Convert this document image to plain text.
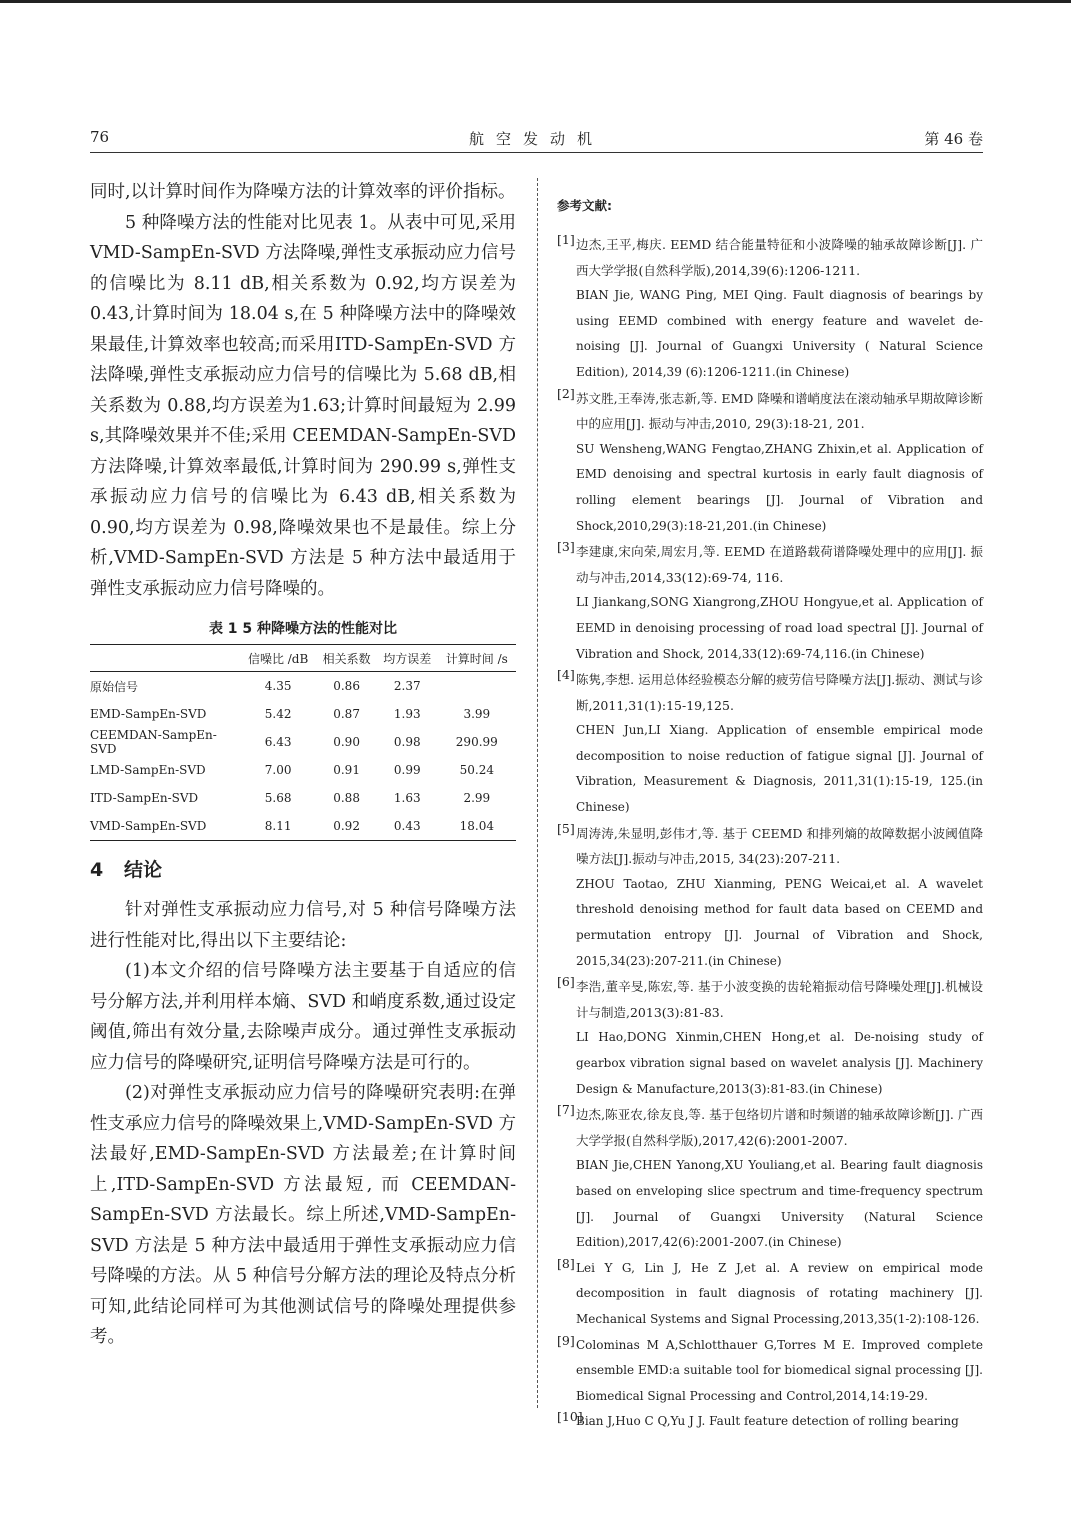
76	航空发动机	第 46 卷

同时,以计算时间作为降噪方法的计算效率的评价指标。

5 种降噪方法的性能对比见表 1。从表中可见,采用VMD-SampEn-SVD 方法降噪,弹性支承振动应力信号的信噪比为 8.11 dB,相关系数为 0.92,均方误差为 0.43,计算时间为 18.04 s,在 5 种降噪方法中的降噪效果最佳,计算效率也较高;而采用ITD-SampEn-SVD 方法降噪,弹性支承振动应力信号的信噪比为 5.68 dB,相关系数为 0.88,均方误差为1.63;计算时间最短为 2.99 s,其降噪效果并不佳;采用 CEEMDAN-SampEn-SVD 方法降噪,计算效率最低,计算时间为 290.99 s,弹性支承振动应力信号的信噪比为 6.43 dB,相关系数为 0.90,均方误差为 0.98,降噪效果也不是最佳。综上分析,VMD-SampEn-SVD 方法是 5 种方法中最适用于弹性支承振动应力信号降噪的。

表 1 5 种降噪方法的性能对比
	信噪比 /dB	相关系数	均方误差	计算时间 /s
原始信号	4.35	0.86	2.37	
EMD-SampEn-SVD	5.42	0.87	1.93	3.99
CEEMDAN-SampEn-SVD	6.43	0.90	0.98	290.99
LMD-SampEn-SVD	7.00	0.91	0.99	50.24
ITD-SampEn-SVD	5.68	0.88	1.63	2.99
VMD-SampEn-SVD	8.11	0.92	0.43	18.04
4 结论

针对弹性支承振动应力信号,对 5 种信号降噪方法进行性能对比,得出以下主要结论:

(1)本文介绍的信号降噪方法主要基于自适应的信号分解方法,并利用样本熵、SVD 和峭度系数,通过设定阈值,筛出有效分量,去除噪声成分。通过弹性支承振动应力信号的降噪研究,证明信号降噪方法是可行的。

(2)对弹性支承振动应力信号的降噪研究表明:在弹性支承应力信号的降噪效果上,VMD-SampEn-SVD 方法最好,EMD-SampEn-SVD 方法最差;在计算时间上,ITD-SampEn-SVD 方法最短, 而 CEEMDAN-SampEn-SVD 方法最长。综上所述,VMD-SampEn-SVD 方法是 5 种方法中最适用于弹性支承振动应力信号降噪的方法。从 5 种信号分解方法的理论及特点分析可知,此结论同样可为其他测试信号的降噪处理提供参考。

参考文献:
[1] 边杰,王平,梅庆. EEMD 结合能量特征和小波降噪的轴承故障诊断[J]. 广西大学学报(自然科学版),2014,39(6):1206-1211.
BIAN Jie, WANG Ping, MEI Qing. Fault diagnosis of bearings by using EEMD combined with energy feature and wavelet de-noising [J]. Journal of Guangxi University ( Natural Science Edition), 2014,39 (6):1206-1211.(in Chinese)
[2] 苏文胜,王奉涛,张志新,等. EMD 降噪和谱峭度法在滚动轴承早期故障诊断中的应用[J]. 振动与冲击,2010, 29(3):18-21, 201.
SU Wensheng,WANG Fengtao,ZHANG Zhixin,et al. Application of EMD denoising and spectral kurtosis in early fault diagnosis of rolling element bearings [J]. Journal of Vibration and Shock,2010,29(3):18-21,201.(in Chinese)
[3] 李建康,宋向荣,周宏月,等. EEMD 在道路载荷谱降噪处理中的应用[J]. 振动与冲击,2014,33(12):69-74, 116.
LI Jiankang,SONG Xiangrong,ZHOU Hongyue,et al. Application of EEMD in denoising processing of road load spectral [J]. Journal of Vibration and Shock, 2014,33(12):69-74,116.(in Chinese)
[4] 陈隽,李想. 运用总体经验模态分解的疲劳信号降噪方法[J].振动、测试与诊断,2011,31(1):15-19,125.
CHEN Jun,LI Xiang. Application of ensemble empirical mode decomposition to noise reduction of fatigue signal [J]. Journal of Vibration, Measurement & Diagnosis, 2011,31(1):15-19, 125.(in Chinese)
[5] 周涛涛,朱显明,彭伟才,等. 基于 CEEMD 和排列熵的故障数据小波阈值降噪方法[J].振动与冲击,2015, 34(23):207-211.
ZHOU Taotao, ZHU Xianming, PENG Weicai,et al. A wavelet threshold denoising method for fault data based on CEEMD and permutation entropy [J]. Journal of Vibration and Shock, 2015,34(23):207-211.(in Chinese)
[6] 李浩,董辛旻,陈宏,等. 基于小波变换的齿轮箱振动信号降噪处理[J].机械设计与制造,2013(3):81-83.
LI Hao,DONG Xinmin,CHEN Hong,et al. De-noising study of gearbox vibration signal based on wavelet analysis [J]. Machinery Design & Manufacture,2013(3):81-83.(in Chinese)
[7] 边杰,陈亚农,徐友良,等. 基于包络切片谱和时频谱的轴承故障诊断[J]. 广西大学学报(自然科学版),2017,42(6):2001-2007.
BIAN Jie,CHEN Yanong,XU Youliang,et al. Bearing fault diagnosis based on enveloping slice spectrum and time-frequency spectrum [J]. Journal of Guangxi University (Natural Science Edition),2017,42(6):2001-2007.(in Chinese)
[8] Lei Y G, Lin J, He Z J,et al. A review on empirical mode decomposition in fault diagnosis of rotating machinery [J]. Mechanical Systems and Signal Processing,2013,35(1-2):108-126.
[9] Colominas M A,Schlotthauer G,Torres M E. Improved complete ensemble EMD:a suitable tool for biomedical signal processing [J]. Biomedical Signal Processing and Control,2014,14:19-29.
[10]
Bian J,Huo C Q,Yu J J. Fault feature detection of rolling bearing
